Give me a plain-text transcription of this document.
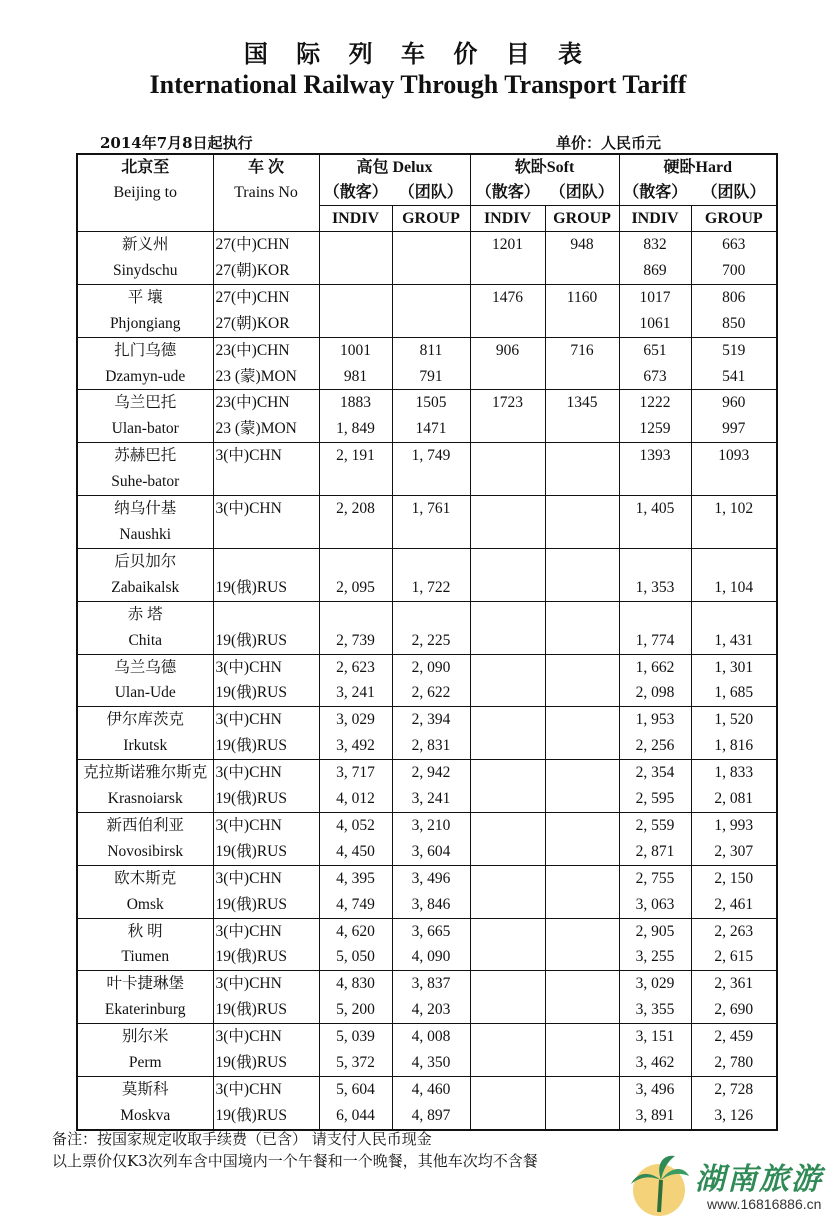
国 际 列 车 价 目 表
International Railway Through Transport Tariff
2014年7月8日起执行	单价：人民币元
北京至	车 次	高包 Delux		软卧Soft		硬卧Hard	
Beijing to	Trains No	（散客）	（团队）	（散客）	（团队）	（散客）	（团队）
		INDIV	GROUP	INDIV	GROUP	INDIV	GROUP
新义州	27(中)CHN			1201	948	832	663
Sinydschu	27(朝)KOR					869	700
平 壤	27(中)CHN			1476	1160	1017	806
Phjongiang	27(朝)KOR					1061	850
扎门乌德	23(中)CHN	1001	811	906	716	651	519
Dzamyn-ude	23 (蒙)MON	981	791			673	541
乌兰巴托	23(中)CHN	1883	1505	1723	1345	1222	960
Ulan-bator	23 (蒙)MON	1, 849	1471			1259	997
苏赫巴托	3(中)CHN	2, 191	1, 749			1393	1093
Suhe-bator							
纳乌什基	3(中)CHN	2, 208	1, 761			1, 405	1, 102
Naushki							
后贝加尔							
Zabaikalsk	19(俄)RUS	2, 095	1, 722			1, 353	1, 104
赤 塔							
Chita	19(俄)RUS	2, 739	2, 225			1, 774	1, 431
乌兰乌德	3(中)CHN	2, 623	2, 090			1, 662	1, 301
Ulan-Ude	19(俄)RUS	3, 241	2, 622			2, 098	1, 685
伊尔库茨克	3(中)CHN	3, 029	2, 394			1, 953	1, 520
Irkutsk	19(俄)RUS	3, 492	2, 831			2, 256	1, 816
克拉斯诺雅尔斯克	3(中)CHN	3, 717	2, 942			2, 354	1, 833
Krasnoiarsk	19(俄)RUS	4, 012	3, 241			2, 595	2, 081
新西伯利亚	3(中)CHN	4, 052	3, 210			2, 559	1, 993
Novosibirsk	19(俄)RUS	4, 450	3, 604			2, 871	2, 307
欧木斯克	3(中)CHN	4, 395	3, 496			2, 755	2, 150
Omsk	19(俄)RUS	4, 749	3, 846			3, 063	2, 461
秋 明	3(中)CHN	4, 620	3, 665			2, 905	2, 263
Tiumen	19(俄)RUS	5, 050	4, 090			3, 255	2, 615
叶卡捷琳堡	3(中)CHN	4, 830	3, 837			3, 029	2, 361
Ekaterinburg	19(俄)RUS	5, 200	4, 203			3, 355	2, 690
别尔米	3(中)CHN	5, 039	4, 008			3, 151	2, 459
Perm	19(俄)RUS	5, 372	4, 350			3, 462	2, 780
莫斯科	3(中)CHN	5, 604	4, 460			3, 496	2, 728
Moskva	19(俄)RUS	6, 044	4, 897			3, 891	3, 126
备注：按国家规定收取手续费（已含） 请支付人民币现金
以上票价仅K3次列车含中国境内一个午餐和一个晚餐，其他车次均不含餐
湖南旅游
www.16816886.cn
